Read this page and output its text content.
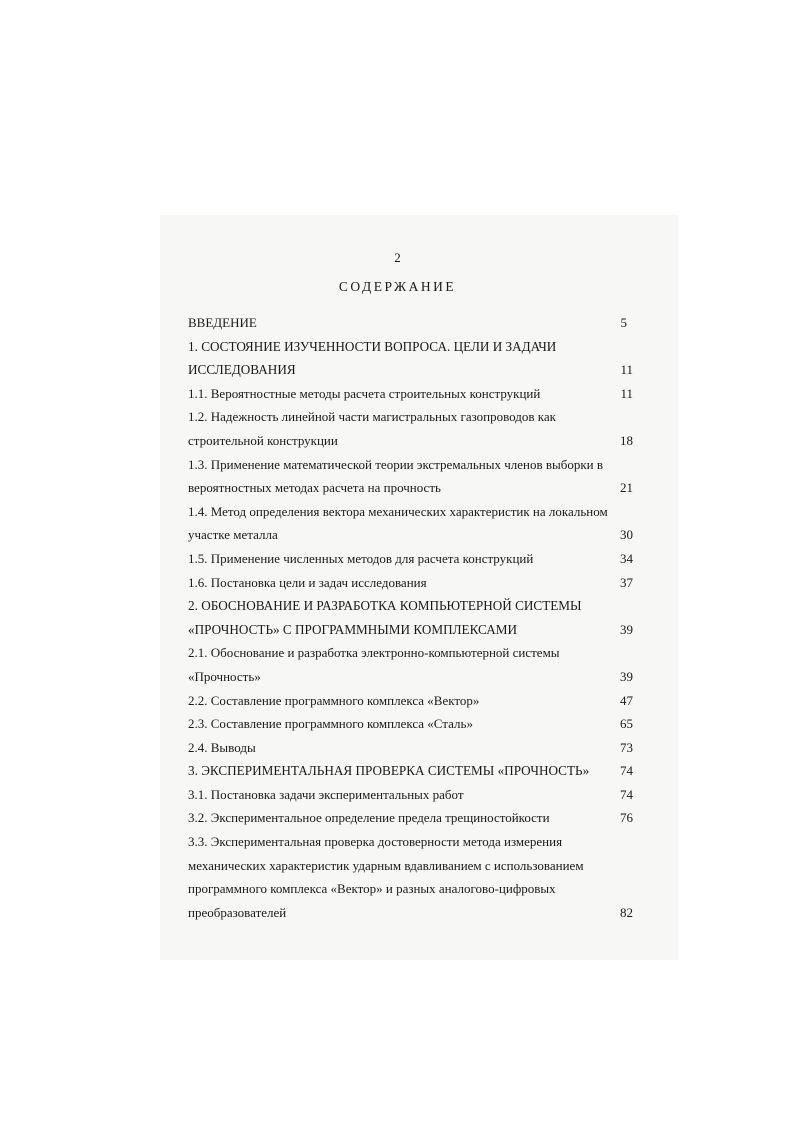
2
СОДЕРЖАНИЕ
ВВЕДЕНИЕ	5
1. СОСТОЯНИЕ ИЗУЧЕННОСТИ ВОПРОСА. ЦЕЛИ И ЗАДАЧИ
ИССЛЕДОВАНИЯ	11
1.1. Вероятностные методы расчета строительных конструкций	11
1.2. Надежность линейной части магистральных газопроводов как
строительной конструкции	18
1.3. Применение математической теории экстремальных членов выборки в
вероятностных методах расчета на прочность	21
1.4. Метод определения вектора механических характеристик на локальном
участке металла	30
1.5. Применение численных методов для расчета конструкций	34
1.6. Постановка цели и задач исследования	37
2. ОБОСНОВАНИЕ И РАЗРАБОТКА КОМПЬЮТЕРНОЙ СИСТЕМЫ
«ПРОЧНОСТЬ» С ПРОГРАММНЫМИ КОМПЛЕКСАМИ	39
2.1. Обоснование и разработка электронно-компьютерной системы
«Прочность»	39
2.2. Составление программного комплекса «Вектор»	47
2.3. Составление программного комплекса «Сталь»	65
2.4. Выводы	73
3. ЭКСПЕРИМЕНТАЛЬНАЯ ПРОВЕРКА СИСТЕМЫ «ПРОЧНОСТЬ»	74
3.1. Постановка задачи экспериментальных работ	74
3.2. Экспериментальное определение предела трещиностойкости	76
3.3. Экспериментальная проверка достоверности метода измерения
механических характеристик ударным вдавливанием с использованием
программного комплекса «Вектор» и разных аналогово-цифровых
преобразователей	82
